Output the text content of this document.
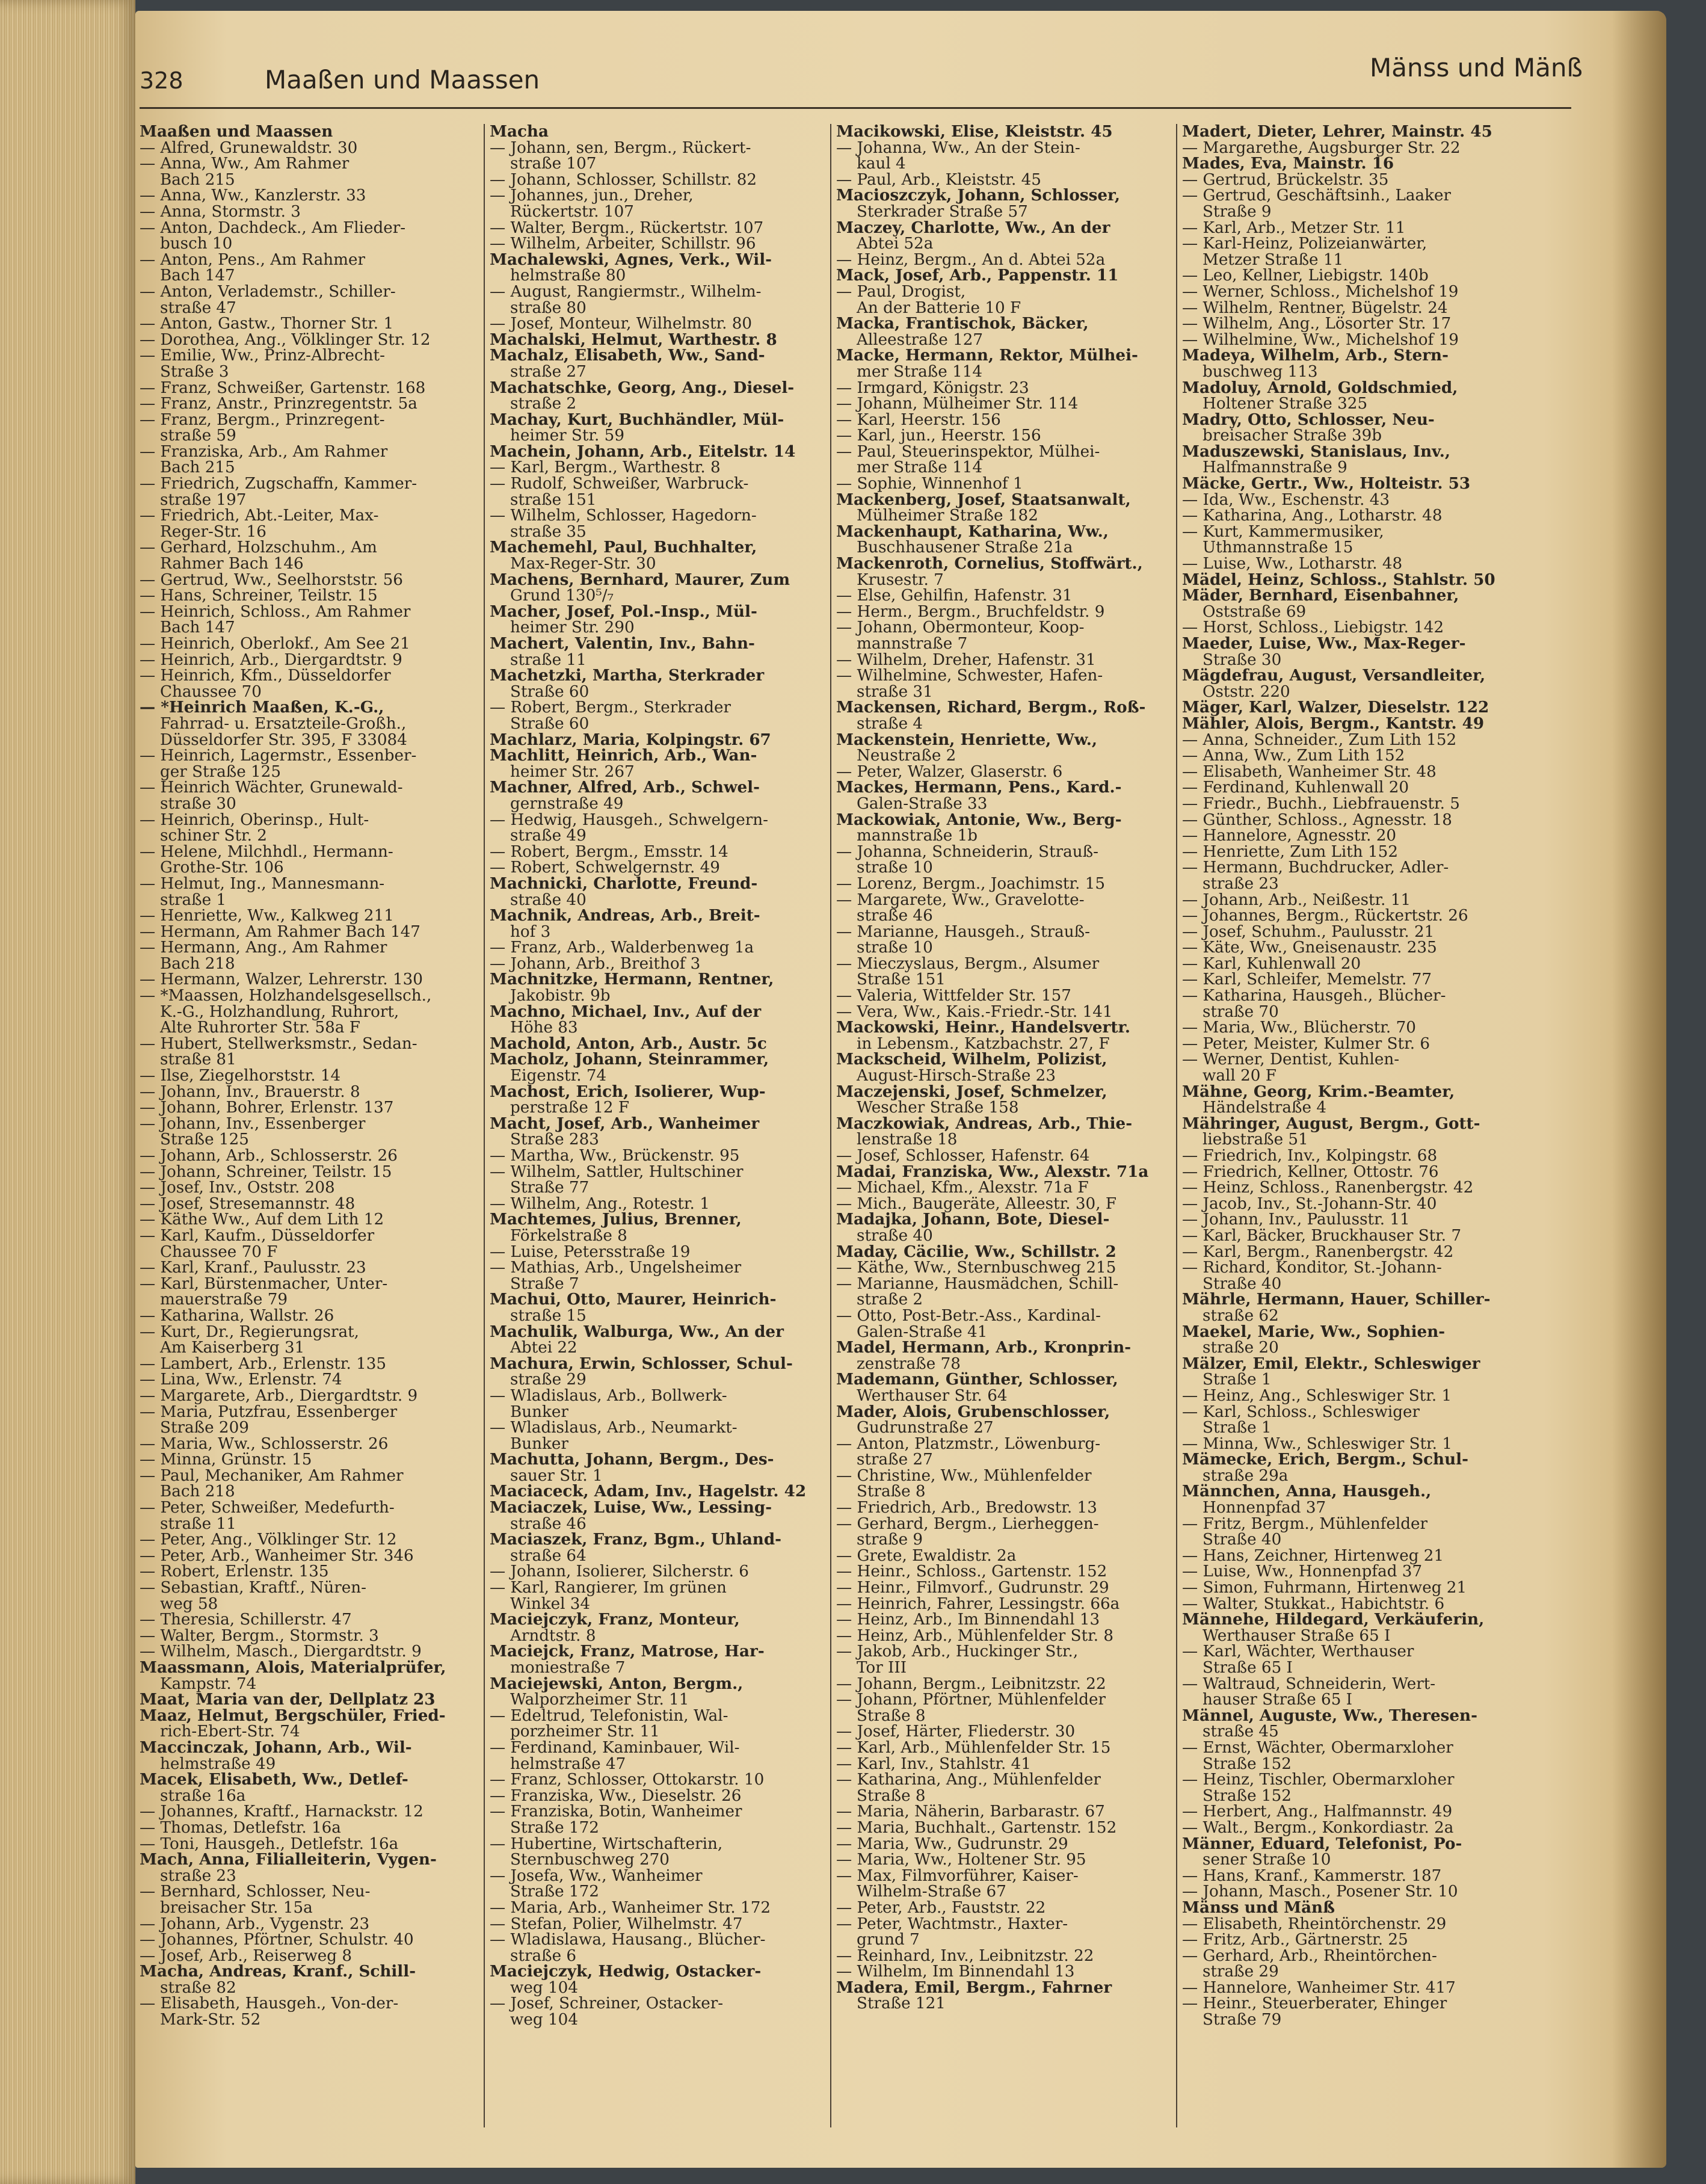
328	Maaßen und Maassen	Mänss und Mänß
Maaßen und Maassen
— Alfred, Grunewaldstr. 30
— Anna, Ww., Am Rahmer
Bach 215
— Anna, Ww., Kanzlerstr. 33
— Anna, Stormstr. 3
— Anton, Dachdeck., Am Flieder-
busch 10
— Anton, Pens., Am Rahmer
Bach 147
— Anton, Verlademstr., Schiller-
straße 47
— Anton, Gastw., Thorner Str. 1
— Dorothea, Ang., Völklinger Str. 12
— Emilie, Ww., Prinz-Albrecht-
Straße 3
— Franz, Schweißer, Gartenstr. 168
— Franz, Anstr., Prinzregentstr. 5a
— Franz, Bergm., Prinzregent-
straße 59
— Franziska, Arb., Am Rahmer
Bach 215
— Friedrich, Zugschaffn, Kammer-
straße 197
— Friedrich, Abt.-Leiter, Max-
Reger-Str. 16
— Gerhard, Holzschuhm., Am
Rahmer Bach 146
— Gertrud, Ww., Seelhorststr. 56
— Hans, Schreiner, Teilstr. 15
— Heinrich, Schloss., Am Rahmer
Bach 147
— Heinrich, Oberlokf., Am See 21
— Heinrich, Arb., Diergardtstr. 9
— Heinrich, Kfm., Düsseldorfer
Chaussee 70
— *Heinrich Maaßen, K.-G.,
Fahrrad- u. Ersatzteile-Großh.,
Düsseldorfer Str. 395, F 33084
— Heinrich, Lagermstr., Essenber-
ger Straße 125
— Heinrich Wächter, Grunewald-
straße 30
— Heinrich, Oberinsp., Hult-
schiner Str. 2
— Helene, Milchhdl., Hermann-
Grothe-Str. 106
— Helmut, Ing., Mannesmann-
straße 1
— Henriette, Ww., Kalkweg 211
— Hermann, Am Rahmer Bach 147
— Hermann, Ang., Am Rahmer
Bach 218
— Hermann, Walzer, Lehrerstr. 130
— *Maassen, Holzhandelsgesellsch.,
K.-G., Holzhandlung, Ruhrort,
Alte Ruhrorter Str. 58a F
— Hubert, Stellwerksmstr., Sedan-
straße 81
— Ilse, Ziegelhorststr. 14
— Johann, Inv., Brauerstr. 8
— Johann, Bohrer, Erlenstr. 137
— Johann, Inv., Essenberger
Straße 125
— Johann, Arb., Schlosserstr. 26
— Johann, Schreiner, Teilstr. 15
— Josef, Inv., Oststr. 208
— Josef, Stresemannstr. 48
— Käthe Ww., Auf dem Lith 12
— Karl, Kaufm., Düsseldorfer
Chaussee 70 F
— Karl, Kranf., Paulusstr. 23
— Karl, Bürstenmacher, Unter-
mauerstraße 79
— Katharina, Wallstr. 26
— Kurt, Dr., Regierungsrat,
Am Kaiserberg 31
— Lambert, Arb., Erlenstr. 135
— Lina, Ww., Erlenstr. 74
— Margarete, Arb., Diergardtstr. 9
— Maria, Putzfrau, Essenberger
Straße 209
— Maria, Ww., Schlosserstr. 26
— Minna, Grünstr. 15
— Paul, Mechaniker, Am Rahmer
Bach 218
— Peter, Schweißer, Medefurth-
straße 11
— Peter, Ang., Völklinger Str. 12
— Peter, Arb., Wanheimer Str. 346
— Robert, Erlenstr. 135
— Sebastian, Kraftf., Nüren-
weg 58
— Theresia, Schillerstr. 47
— Walter, Bergm., Stormstr. 3
— Wilhelm, Masch., Diergardtstr. 9
Maassmann, Alois, Materialprüfer,
Kampstr. 74
Maat, Maria van der, Dellplatz 23
Maaz, Helmut, Bergschüler, Fried-
rich-Ebert-Str. 74
Maccinczak, Johann, Arb., Wil-
helmstraße 49
Macek, Elisabeth, Ww., Detlef-
straße 16a
— Johannes, Kraftf., Harnackstr. 12
— Thomas, Detlefstr. 16a
— Toni, Hausgeh., Detlefstr. 16a
Mach, Anna, Filialleiterin, Vygen-
straße 23
— Bernhard, Schlosser, Neu-
breisacher Str. 15a
— Johann, Arb., Vygenstr. 23
— Johannes, Pförtner, Schulstr. 40
— Josef, Arb., Reiserweg 8
Macha, Andreas, Kranf., Schill-
straße 82
— Elisabeth, Hausgeh., Von-der-
Mark-Str. 52
Macha
— Johann, sen, Bergm., Rückert-
straße 107
— Johann, Schlosser, Schillstr. 82
— Johannes, jun., Dreher,
Rückertstr. 107
— Walter, Bergm., Rückertstr. 107
— Wilhelm, Arbeiter, Schillstr. 96
Machalewski, Agnes, Verk., Wil-
helmstraße 80
— August, Rangiermstr., Wilhelm-
straße 80
— Josef, Monteur, Wilhelmstr. 80
Machalski, Helmut, Warthestr. 8
Machalz, Elisabeth, Ww., Sand-
straße 27
Machatschke, Georg, Ang., Diesel-
straße 2
Machay, Kurt, Buchhändler, Mül-
heimer Str. 59
Machein, Johann, Arb., Eitelstr. 14
— Karl, Bergm., Warthestr. 8
— Rudolf, Schweißer, Warbruck-
straße 151
— Wilhelm, Schlosser, Hagedorn-
straße 35
Machemehl, Paul, Buchhalter,
Max-Reger-Str. 30
Machens, Bernhard, Maurer, Zum
Grund 130⁵/₇
Macher, Josef, Pol.-Insp., Mül-
heimer Str. 290
Machert, Valentin, Inv., Bahn-
straße 11
Machetzki, Martha, Sterkrader
Straße 60
— Robert, Bergm., Sterkrader
Straße 60
Machlarz, Maria, Kolpingstr. 67
Machlitt, Heinrich, Arb., Wan-
heimer Str. 267
Machner, Alfred, Arb., Schwel-
gernstraße 49
— Hedwig, Hausgeh., Schwelgern-
straße 49
— Robert, Bergm., Emsstr. 14
— Robert, Schwelgernstr. 49
Machnicki, Charlotte, Freund-
straße 40
Machnik, Andreas, Arb., Breit-
hof 3
— Franz, Arb., Walderbenweg 1a
— Johann, Arb., Breithof 3
Machnitzke, Hermann, Rentner,
Jakobistr. 9b
Machno, Michael, Inv., Auf der
Höhe 83
Machold, Anton, Arb., Austr. 5c
Macholz, Johann, Steinrammer,
Eigenstr. 74
Machost, Erich, Isolierer, Wup-
perstraße 12 F
Macht, Josef, Arb., Wanheimer
Straße 283
— Martha, Ww., Brückenstr. 95
— Wilhelm, Sattler, Hultschiner
Straße 77
— Wilhelm, Ang., Rotestr. 1
Machtemes, Julius, Brenner,
Förkelstraße 8
— Luise, Petersstraße 19
— Mathias, Arb., Ungelsheimer
Straße 7
Machui, Otto, Maurer, Heinrich-
straße 15
Machulik, Walburga, Ww., An der
Abtei 22
Machura, Erwin, Schlosser, Schul-
straße 29
— Wladislaus, Arb., Bollwerk-
Bunker
— Wladislaus, Arb., Neumarkt-
Bunker
Machutta, Johann, Bergm., Des-
sauer Str. 1
Maciaceck, Adam, Inv., Hagelstr. 42
Maciaczek, Luise, Ww., Lessing-
straße 46
Maciaszek, Franz, Bgm., Uhland-
straße 64
— Johann, Isolierer, Silcherstr. 6
— Karl, Rangierer, Im grünen
Winkel 34
Maciejczyk, Franz, Monteur,
Arndtstr. 8
Maciejck, Franz, Matrose, Har-
moniestraße 7
Maciejewski, Anton, Bergm.,
Walporzheimer Str. 11
— Edeltrud, Telefonistin, Wal-
porzheimer Str. 11
— Ferdinand, Kaminbauer, Wil-
helmstraße 47
— Franz, Schlosser, Ottokarstr. 10
— Franziska, Ww., Dieselstr. 26
— Franziska, Botin, Wanheimer
Straße 172
— Hubertine, Wirtschafterin,
Sternbuschweg 270
— Josefa, Ww., Wanheimer
Straße 172
— Maria, Arb., Wanheimer Str. 172
— Stefan, Polier, Wilhelmstr. 47
— Wladislawa, Hausang., Blücher-
straße 6
Maciejczyk, Hedwig, Ostacker-
weg 104
— Josef, Schreiner, Ostacker-
weg 104
Macikowski, Elise, Kleiststr. 45
— Johanna, Ww., An der Stein-
kaul 4
— Paul, Arb., Kleiststr. 45
Macioszczyk, Johann, Schlosser,
Sterkrader Straße 57
Maczey, Charlotte, Ww., An der
Abtei 52a
— Heinz, Bergm., An d. Abtei 52a
Mack, Josef, Arb., Pappenstr. 11
— Paul, Drogist,
An der Batterie 10 F
Macka, Frantischok, Bäcker,
Alleestraße 127
Macke, Hermann, Rektor, Mülhei-
mer Straße 114
— Irmgard, Königstr. 23
— Johann, Mülheimer Str. 114
— Karl, Heerstr. 156
— Karl, jun., Heerstr. 156
— Paul, Steuerinspektor, Mülhei-
mer Straße 114
— Sophie, Winnenhof 1
Mackenberg, Josef, Staatsanwalt,
Mülheimer Straße 182
Mackenhaupt, Katharina, Ww.,
Buschhausener Straße 21a
Mackenroth, Cornelius, Stoffwärt.,
Krusestr. 7
— Else, Gehilfin, Hafenstr. 31
— Herm., Bergm., Bruchfeldstr. 9
— Johann, Obermonteur, Koop-
mannstraße 7
— Wilhelm, Dreher, Hafenstr. 31
— Wilhelmine, Schwester, Hafen-
straße 31
Mackensen, Richard, Bergm., Roß-
straße 4
Mackenstein, Henriette, Ww.,
Neustraße 2
— Peter, Walzer, Glaserstr. 6
Mackes, Hermann, Pens., Kard.-
Galen-Straße 33
Mackowiak, Antonie, Ww., Berg-
mannstraße 1b
— Johanna, Schneiderin, Strauß-
straße 10
— Lorenz, Bergm., Joachimstr. 15
— Margarete, Ww., Gravelotte-
straße 46
— Marianne, Hausgeh., Strauß-
straße 10
— Mieczyslaus, Bergm., Alsumer
Straße 151
— Valeria, Wittfelder Str. 157
— Vera, Ww., Kais.-Friedr.-Str. 141
Mackowski, Heinr., Handelsvertr.
in Lebensm., Katzbachstr. 27, F
Mackscheid, Wilhelm, Polizist,
August-Hirsch-Straße 23
Maczejenski, Josef, Schmelzer,
Wescher Straße 158
Maczkowiak, Andreas, Arb., Thie-
lenstraße 18
— Josef, Schlosser, Hafenstr. 64
Madai, Franziska, Ww., Alexstr. 71a
— Michael, Kfm., Alexstr. 71a F
— Mich., Baugeräte, Alleestr. 30, F
Madajka, Johann, Bote, Diesel-
straße 40
Maday, Cäcilie, Ww., Schillstr. 2
— Käthe, Ww., Sternbuschweg 215
— Marianne, Hausmädchen, Schill-
straße 2
— Otto, Post-Betr.-Ass., Kardinal-
Galen-Straße 41
Madel, Hermann, Arb., Kronprin-
zenstraße 78
Mademann, Günther, Schlosser,
Werthauser Str. 64
Mader, Alois, Grubenschlosser,
Gudrunstraße 27
— Anton, Platzmstr., Löwenburg-
straße 27
— Christine, Ww., Mühlenfelder
Straße 8
— Friedrich, Arb., Bredowstr. 13
— Gerhard, Bergm., Lierheggen-
straße 9
— Grete, Ewaldistr. 2a
— Heinr., Schloss., Gartenstr. 152
— Heinr., Filmvorf., Gudrunstr. 29
— Heinrich, Fahrer, Lessingstr. 66a
— Heinz, Arb., Im Binnendahl 13
— Heinz, Arb., Mühlenfelder Str. 8
— Jakob, Arb., Huckinger Str.,
Tor III
— Johann, Bergm., Leibnitzstr. 22
— Johann, Pförtner, Mühlenfelder
Straße 8
— Josef, Härter, Fliederstr. 30
— Karl, Arb., Mühlenfelder Str. 15
— Karl, Inv., Stahlstr. 41
— Katharina, Ang., Mühlenfelder
Straße 8
— Maria, Näherin, Barbarastr. 67
— Maria, Buchhalt., Gartenstr. 152
— Maria, Ww., Gudrunstr. 29
— Maria, Ww., Holtener Str. 95
— Max, Filmvorführer, Kaiser-
Wilhelm-Straße 67
— Peter, Arb., Fauststr. 22
— Peter, Wachtmstr., Haxter-
grund 7
— Reinhard, Inv., Leibnitzstr. 22
— Wilhelm, Im Binnendahl 13
Madera, Emil, Bergm., Fahrner
Straße 121
Madert, Dieter, Lehrer, Mainstr. 45
— Margarethe, Augsburger Str. 22
Mades, Eva, Mainstr. 16
— Gertrud, Brückelstr. 35
— Gertrud, Geschäftsinh., Laaker
Straße 9
— Karl, Arb., Metzer Str. 11
— Karl-Heinz, Polizeianwärter,
Metzer Straße 11
— Leo, Kellner, Liebigstr. 140b
— Werner, Schloss., Michelshof 19
— Wilhelm, Rentner, Bügelstr. 24
— Wilhelm, Ang., Lösorter Str. 17
— Wilhelmine, Ww., Michelshof 19
Madeya, Wilhelm, Arb., Stern-
buschweg 113
Madoluy, Arnold, Goldschmied,
Holtener Straße 325
Madry, Otto, Schlosser, Neu-
breisacher Straße 39b
Maduszewski, Stanislaus, Inv.,
Halfmannstraße 9
Mäcke, Gertr., Ww., Holteistr. 53
— Ida, Ww., Eschenstr. 43
— Katharina, Ang., Lotharstr. 48
— Kurt, Kammermusiker,
Uthmannstraße 15
— Luise, Ww., Lotharstr. 48
Mädel, Heinz, Schloss., Stahlstr. 50
Mäder, Bernhard, Eisenbahner,
Oststraße 69
— Horst, Schloss., Liebigstr. 142
Maeder, Luise, Ww., Max-Reger-
Straße 30
Mägdefrau, August, Versandleiter,
Oststr. 220
Mäger, Karl, Walzer, Dieselstr. 122
Mähler, Alois, Bergm., Kantstr. 49
— Anna, Schneider., Zum Lith 152
— Anna, Ww., Zum Lith 152
— Elisabeth, Wanheimer Str. 48
— Ferdinand, Kuhlenwall 20
— Friedr., Buchh., Liebfrauenstr. 5
— Günther, Schloss., Agnesstr. 18
— Hannelore, Agnesstr. 20
— Henriette, Zum Lith 152
— Hermann, Buchdrucker, Adler-
straße 23
— Johann, Arb., Neißestr. 11
— Johannes, Bergm., Rückertstr. 26
— Josef, Schuhm., Paulusstr. 21
— Käte, Ww., Gneisenaustr. 235
— Karl, Kuhlenwall 20
— Karl, Schleifer, Memelstr. 77
— Katharina, Hausgeh., Blücher-
straße 70
— Maria, Ww., Blücherstr. 70
— Peter, Meister, Kulmer Str. 6
— Werner, Dentist, Kuhlen-
wall 20 F
Mähne, Georg, Krim.-Beamter,
Händelstraße 4
Mähringer, August, Bergm., Gott-
liebstraße 51
— Friedrich, Inv., Kolpingstr. 68
— Friedrich, Kellner, Ottostr. 76
— Heinz, Schloss., Ranenbergstr. 42
— Jacob, Inv., St.-Johann-Str. 40
— Johann, Inv., Paulusstr. 11
— Karl, Bäcker, Bruckhauser Str. 7
— Karl, Bergm., Ranenbergstr. 42
— Richard, Konditor, St.-Johann-
Straße 40
Mährle, Hermann, Hauer, Schiller-
straße 62
Maekel, Marie, Ww., Sophien-
straße 20
Mälzer, Emil, Elektr., Schleswiger
Straße 1
— Heinz, Ang., Schleswiger Str. 1
— Karl, Schloss., Schleswiger
Straße 1
— Minna, Ww., Schleswiger Str. 1
Mämecke, Erich, Bergm., Schul-
straße 29a
Männchen, Anna, Hausgeh.,
Honnenpfad 37
— Fritz, Bergm., Mühlenfelder
Straße 40
— Hans, Zeichner, Hirtenweg 21
— Luise, Ww., Honnenpfad 37
— Simon, Fuhrmann, Hirtenweg 21
— Walter, Stukkat., Habichtstr. 6
Männehe, Hildegard, Verkäuferin,
Werthauser Straße 65 I
— Karl, Wächter, Werthauser
Straße 65 I
— Waltraud, Schneiderin, Wert-
hauser Straße 65 I
Männel, Auguste, Ww., Theresen-
straße 45
— Ernst, Wächter, Obermarxloher
Straße 152
— Heinz, Tischler, Obermarxloher
Straße 152
— Herbert, Ang., Halfmannstr. 49
— Walt., Bergm., Konkordiastr. 2a
Männer, Eduard, Telefonist, Po-
sener Straße 10
— Hans, Kranf., Kammerstr. 187
— Johann, Masch., Posener Str. 10
Mänss und Mänß
— Elisabeth, Rheintörchenstr. 29
— Fritz, Arb., Gärtnerstr. 25
— Gerhard, Arb., Rheintörchen-
straße 29
— Hannelore, Wanheimer Str. 417
— Heinr., Steuerberater, Ehinger
Straße 79
